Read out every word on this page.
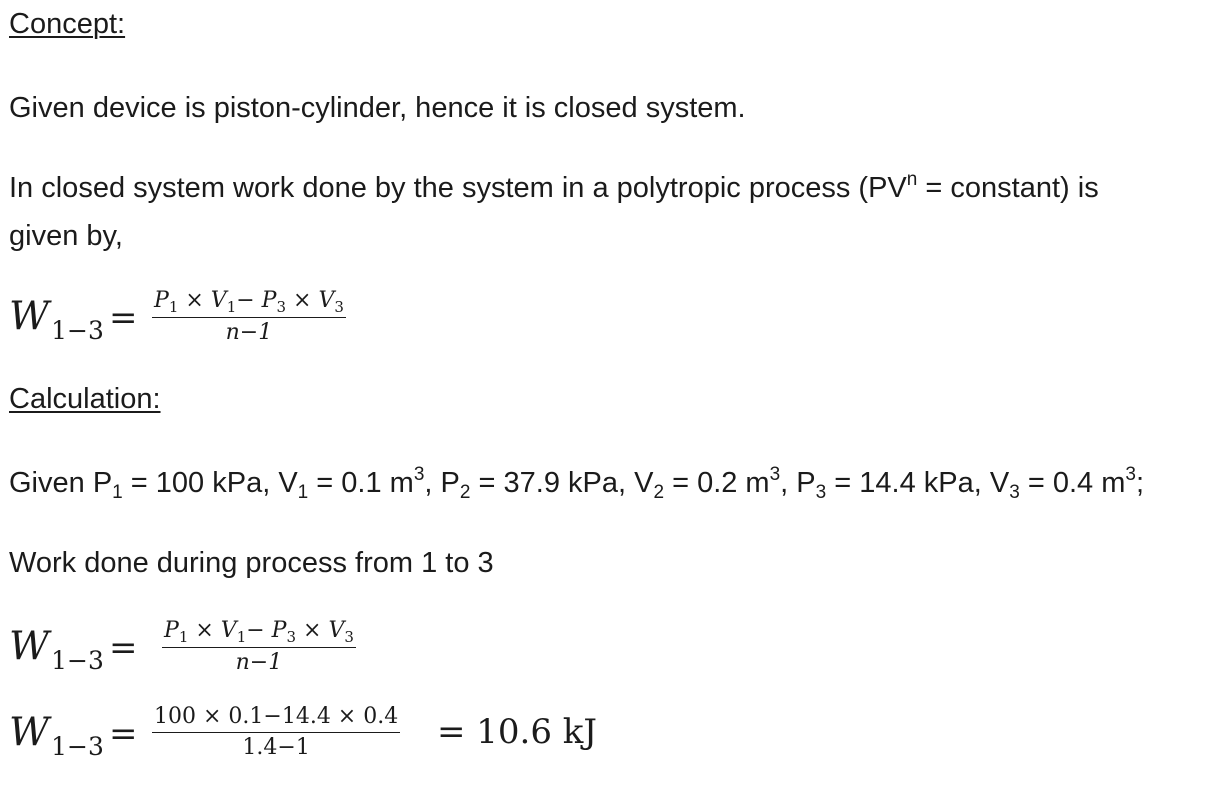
Concept:
Given device is piston-cylinder, hence it is closed system.
In closed system work done by the system in a polytropic process ($PV^n$ = constant) is
given by,
$W1-3 = \frac{P_1 \times V_1- P_3 \times V_3}{n-1}$
Calculation:
Given $P_1 = 100$ kPa, $V_1 = 0.1$ $m^3$, $P_2 = 37.9$ kPa, $V_2 = 0.2$ $m^3$, $P_3 = 14.4$ kPa, $V_3 = 0.4$ $m^3$;
Work done during process from 1 to 3
$W1-3 = \frac{P_1 \times V_1- P_3 \times V_3}{n-1}$
$W1-3 = \frac{100 \times 0.1-14.4 \times 0.4}{1.4-1} = 10.6$ kJ
